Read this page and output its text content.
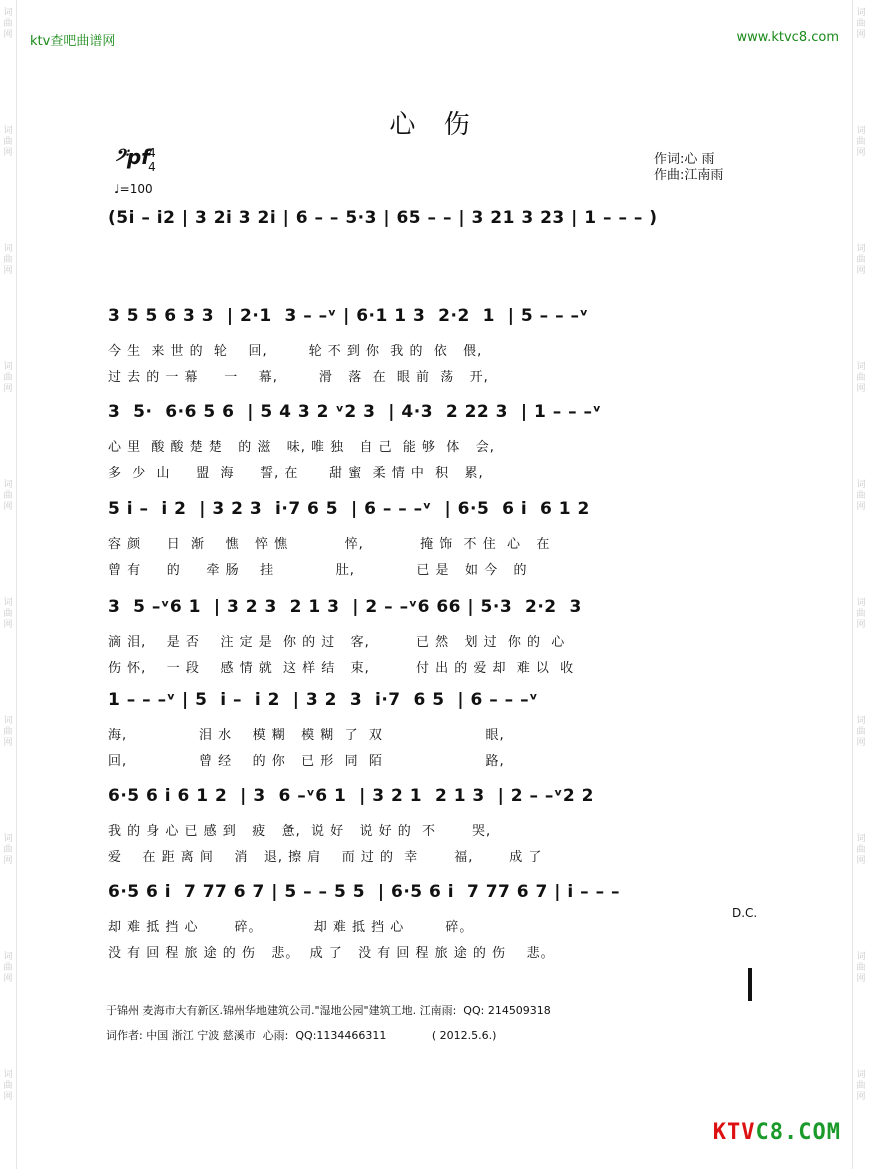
词
曲
网
词
曲
网
词
曲
网
词
曲
网
词
曲
网
词
曲
网
词
曲
网
词
曲
网
词
曲
网
词
曲
网
词
曲
网
词
曲
网
词
曲
网
词
曲
网
词
曲
网
词
曲
网
词
曲
网
词
曲
网
词
曲
网
词
曲
网
ktv查吧曲谱网	www.ktvc8.com
心 伤
𝄢pf
4
4
♩=100
作词:心 雨
作曲:江南雨
(5i – i2 | 3 2i 3 2i | 6 – – 5·3 | 65 – – | 3 21 3 23 | 1 – – – )
3 5 5 6 3 3  | 2·1  3 – –ᵛ | 6·1 1 3  2·2  1  | 5 – – –ᵛ
今 生  来 世 的  轮    回,        轮 不 到 你  我 的  依   偎,
过 去 的 一 幕     一    幕,        滑   落  在  眼 前  荡   开,
3  5·  6·6 5 6  | 5 4 3 2 ᵛ2 3  | 4·3  2 22 3  | 1 – – –ᵛ
心 里  酸 酸 楚 楚   的 滋   味, 唯 独   自 己  能 够  体   会,
多  少  山     盟  海     誓, 在      甜 蜜  柔 情 中  积   累,
5 i –  i 2  | 3 2 3  i·7 6 5  | 6 – – –ᵛ  | 6·5  6 i  6 1 2
容 颜     日  渐    憔   悴 憔           悴,           掩 饰  不 住  心   在
曾 有     的     牵 肠    挂            肚,            已 是   如 今   的
3  5 –ᵛ6 1  | 3 2 3  2 1 3  | 2 – –ᵛ6 66 | 5·3  2·2  3
滴 泪,    是 否    注 定 是  你 的 过   客,         已 然   划 过  你 的  心
伤 怀,    一 段    感 情 就  这 样 结   束,         付 出 的 爱 却  难 以  收
1 – – –ᵛ | 5  i –  i 2  | 3 2  3  i·7  6 5  | 6 – – –ᵛ
海,              泪 水    模 糊   模 糊  了  双                    眼,
回,              曾 经    的 你   已 形  同  陌                    路,
6·5 6 i 6 1 2  | 3  6 –ᵛ6 1  | 3 2 1  2 1 3  | 2 – –ᵛ2 2
我 的 身 心 已 感 到   疲   惫,  说 好   说 好 的  不       哭,
爱    在 距 离 间    消   退, 擦 肩    而 过 的  幸       福,       成 了
6·5 6 i  7 77 6 7 | 5 – – 5 5  | 6·5 6 i  7 77 6 7 | i – – –
却 难 抵 挡 心       碎。          却 难 抵 挡 心        碎。
没 有 回 程 旅 途 的 伤   悲。  成 了   没 有 回 程 旅 途 的 伤    悲。
D.C.
于锦州 麦海市大有新区.锦州华地建筑公司."湿地公园"建筑工地. 江南雨:  QQ: 214509318
词作者: 中国 浙江 宁波 慈溪市  心雨:  QQ:1134466311             ( 2012.5.6.)
KTVC8.COM
